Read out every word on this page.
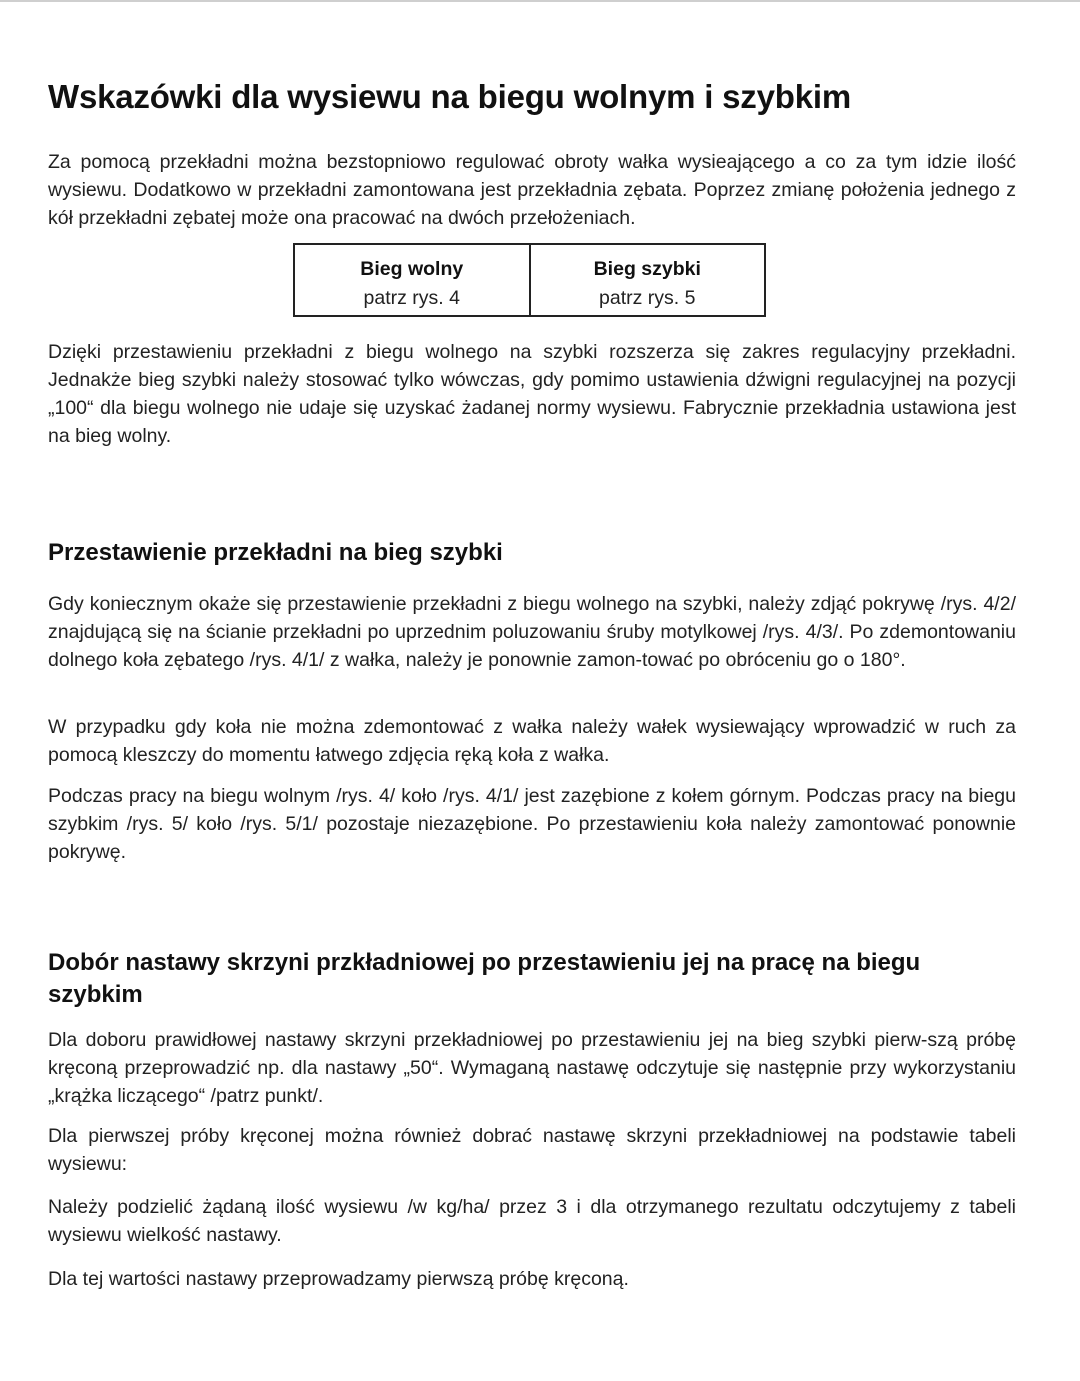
Wskazówki dla wysiewu na biegu wolnym i szybkim

Za pomocą przekładni można bezstopniowo regulować obroty wałka wysieającego a co za tym idzie ilość wysiewu. Dodatkowo w przekładni zamontowana jest przekładnia zębata. Poprzez zmianę położenia jednego z kół przekładni zębatej może ona pracować na dwóch przełożeniach.

Bieg wolny	Bieg szybki
patrz rys. 4	patrz rys. 5

Dzięki przestawieniu przekładni z biegu wolnego na szybki rozszerza się zakres regulacyjny przekładni. Jednakże bieg szybki należy stosować tylko wówczas, gdy pomimo ustawienia dźwigni regulacyjnej na pozycji „100“ dla biegu wolnego nie udaje się uzyskać żadanej normy wysiewu. Fabrycznie przekładnia ustawiona jest na bieg wolny.

Przestawienie przekładni na bieg szybki

Gdy koniecznym okaże się przestawienie przekładni z biegu wolnego na szybki, należy zdjąć pokrywę /rys. 4/2/ znajdującą się na ścianie przekładni po uprzednim poluzowaniu śruby motylkowej /rys. 4/3/. Po zdemontowaniu dolnego koła zębatego /rys. 4/1/ z wałka, należy je ponownie zamon-tować po obróceniu go o 180°.

W przypadku gdy koła nie można zdemontować z wałka należy wałek wysiewający wprowadzić w ruch za pomocą kleszczy do momentu łatwego zdjęcia ręką koła z wałka.

Podczas pracy na biegu wolnym /rys. 4/ koło /rys. 4/1/ jest zazębione z kołem górnym. Podczas pracy na biegu szybkim /rys. 5/ koło /rys. 5/1/ pozostaje niezazębione. Po przestawieniu koła należy zamontować ponownie pokrywę.

Dobór nastawy skrzyni przkładniowej po przestawieniu jej na pracę na biegu szybkim

Dla doboru prawidłowej nastawy skrzyni przekładniowej po przestawieniu jej na bieg szybki pierw-szą próbę kręconą przeprowadzić np. dla nastawy „50“. Wymaganą nastawę odczytuje się następnie przy wykorzystaniu „krążka liczącego“ /patrz punkt/.

Dla pierwszej próby kręconej można również dobrać nastawę skrzyni przekładniowej na podstawie tabeli wysiewu:

Należy podzielić żądaną ilość wysiewu /w kg/ha/ przez 3 i dla otrzymanego rezultatu odczytujemy z tabeli wysiewu wielkość nastawy.

Dla tej wartości nastawy przeprowadzamy pierwszą próbę kręconą.
